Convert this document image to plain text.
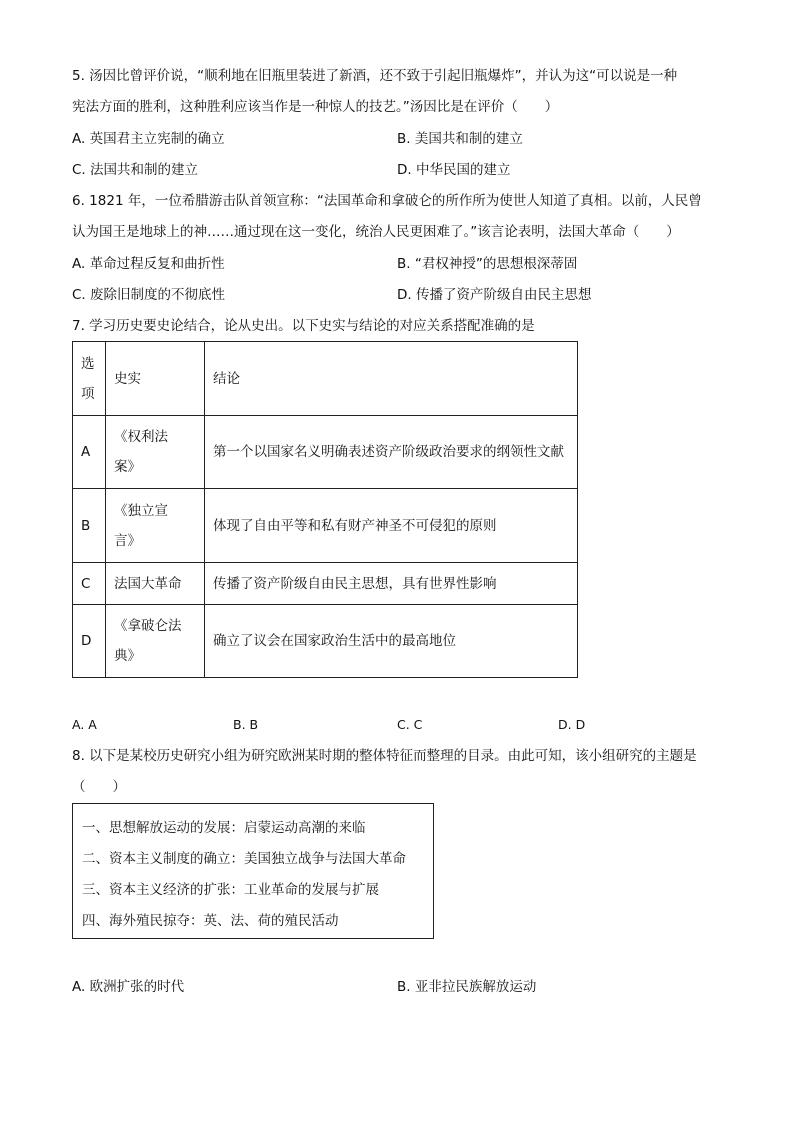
5. 汤因比曾评价说，“顺利地在旧瓶里装进了新酒，还不致于引起旧瓶爆炸”，并认为这“可以说是一种
宪法方面的胜利，这种胜利应该当作是一种惊人的技艺。”汤因比是在评价（　　）
A. 英国君主立宪制的确立	B. 美国共和制的建立
C. 法国共和制的建立	D. 中华民国的建立
6. 1821 年，一位希腊游击队首领宣称：“法国革命和拿破仑的所作所为使世人知道了真相。以前，人民曾
认为国王是地球上的神……通过现在这一变化，统治人民更困难了。”该言论表明，法国大革命（　　）
A. 革命过程反复和曲折性	B. “君权神授”的思想根深蒂固
C. 废除旧制度的不彻底性	D. 传播了资产阶级自由民主思想
7. 学习历史要史论结合，论从史出。以下史实与结论的对应关系搭配准确的是
选项	史实	结论
A	《权利法案》	第一个以国家名义明确表述资产阶级政治要求的纲领性文献
B	《独立宣言》	体现了自由平等和私有财产神圣不可侵犯的原则
C	法国大革命	传播了资产阶级自由民主思想，具有世界性影响
D	《拿破仑法典》	确立了议会在国家政治生活中的最高地位
A. A	B. B	C. C	D. D
8. 以下是某校历史研究小组为研究欧洲某时期的整体特征而整理的目录。由此可知，该小组研究的主题是
（　　）
一、思想解放运动的发展：启蒙运动高潮的来临
二、资本主义制度的确立：美国独立战争与法国大革命
三、资本主义经济的扩张：工业革命的发展与扩展
四、海外殖民掠夺：英、法、荷的殖民活动
A. 欧洲扩张的时代	B. 亚非拉民族解放运动
